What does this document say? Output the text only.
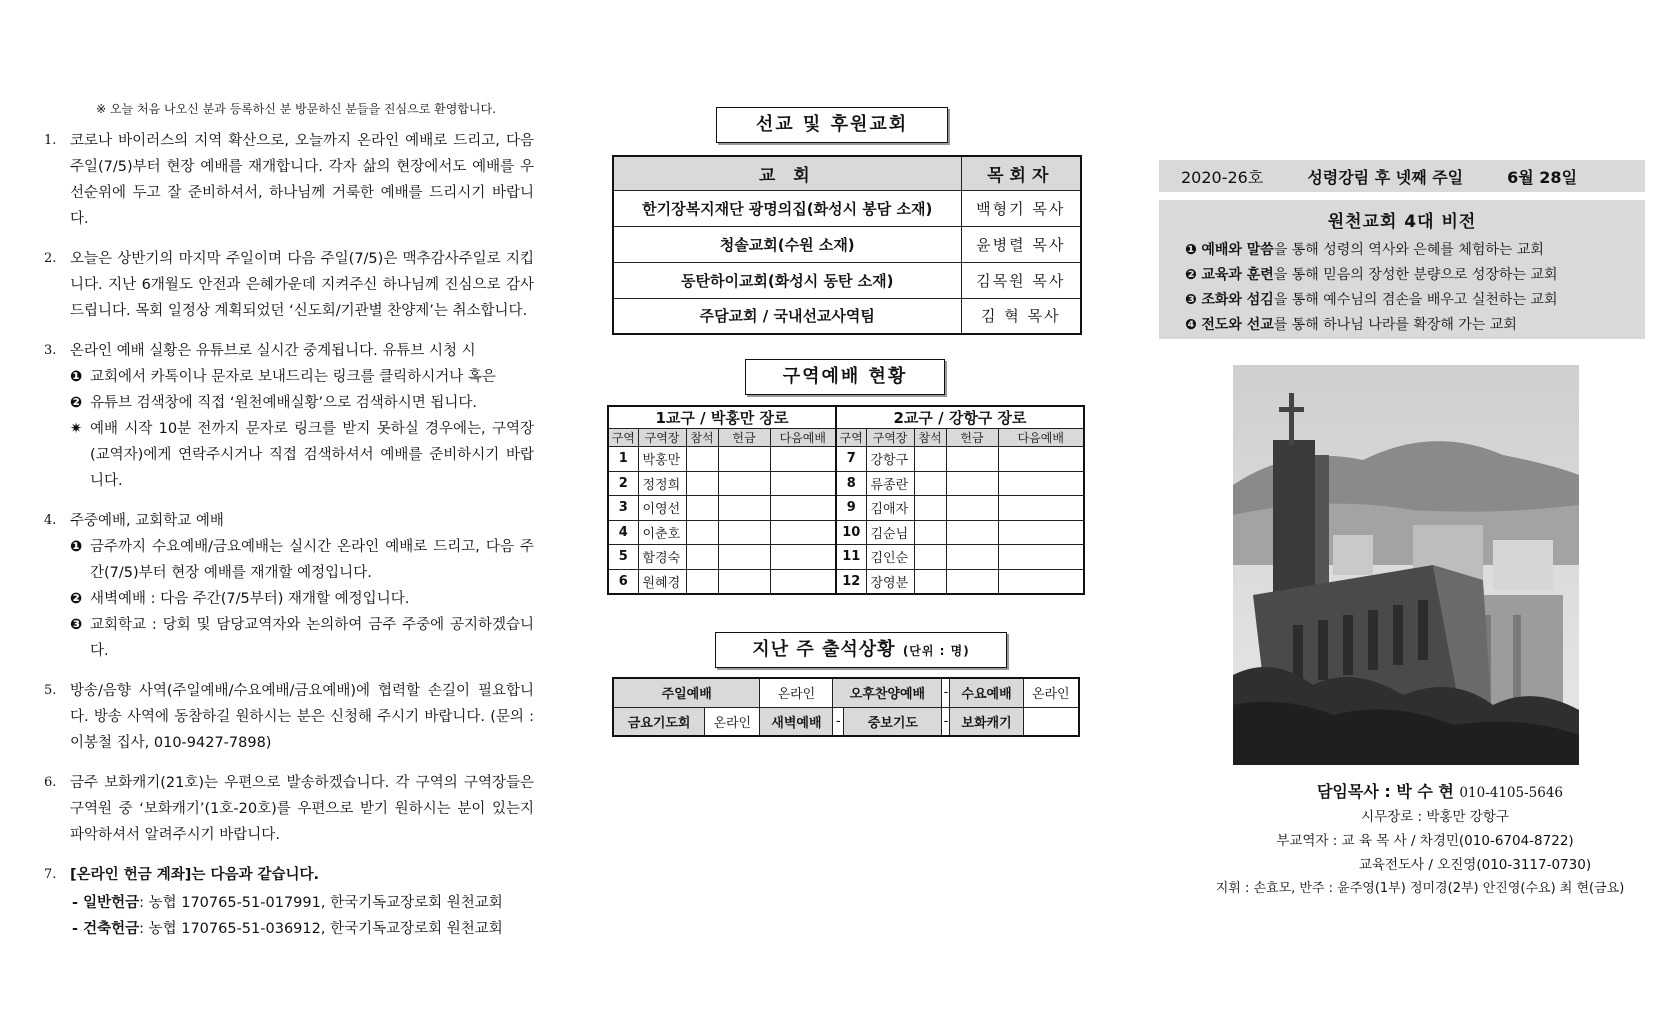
※ 오늘 처음 나오신 분과 등록하신 분 방문하신 분들을 진심으로 환영합니다.
1. 코로나 바이러스의 지역 확산으로, 오늘까지 온라인 예배로 드리고, 다음 주일(7/5)부터 현장 예배를 재개합니다. 각자 삶의 현장에서도 예배를 우선순위에 두고 잘 준비하셔서, 하나님께 거룩한 예배를 드리시기 바랍니다.
2. 오늘은 상반기의 마지막 주일이며 다음 주일(7/5)은 맥추감사주일로 지킵니다. 지난 6개월도 안전과 은혜가운데 지켜주신 하나님께 진심으로 감사 드립니다. 목회 일정상 계획되었던 ‘신도회/기관별 찬양제’는 취소합니다.
3. 온라인 예배 실황은 유튜브로 실시간 중계됩니다. 유튜브 시청 시
❶ 교회에서 카톡이나 문자로 보내드리는 링크를 클릭하시거나 혹은
❷ 유튜브 검색창에 직접 ‘원천예배실황’으로 검색하시면 됩니다.
✷ 예배 시작 10분 전까지 문자로 링크를 받지 못하실 경우에는, 구역장(교역자)에게 연락주시거나 직접 검색하셔서 예배를 준비하시기 바랍니다.
4. 주중예배, 교회학교 예배
❶ 금주까지 수요예배/금요예배는 실시간 온라인 예배로 드리고, 다음 주간(7/5)부터 현장 예배를 재개할 예정입니다.
❷ 새벽예배 : 다음 주간(7/5부터) 재개할 예정입니다.
❸ 교회학교 : 당회 및 담당교역자와 논의하여 금주 주중에 공지하겠습니다.
5. 방송/음향 사역(주일예배/수요예배/금요예배)에 협력할 손길이 필요합니다. 방송 사역에 동참하길 원하시는 분은 신청해 주시기 바랍니다. (문의 : 이봉철 집사, 010-9427-7898)
6. 금주 보화캐기(21호)는 우편으로 발송하겠습니다. 각 구역의 구역장들은 구역원 중 ‘보화캐기’(1호-20호)를 우편으로 받기 원하시는 분이 있는지 파악하셔서 알려주시기 바랍니다.
7. [온라인 헌금 계좌]는 다음과 같습니다.
- 일반헌금 : 농협 170765-51-017991, 한국기독교장로회 원천교회
- 건축헌금 : 농협 170765-51-036912, 한국기독교장로회 원천교회
선교 및 후원교회
교 회	목회자
한기장복지재단 광명의집(화성시 봉담 소재)	백형기 목사
청솔교회(수원 소재)	윤병렬 목사
동탄하이교회(화성시 동탄 소재)	김목원 목사
주담교회 / 국내선교사역팀	김 혁 목사
구역예배 현황
1교구 / 박홍만 장로					2교구 / 강항구 장로				
구역	구역장	참석	헌금	다음예배	구역	구역장	참석	헌금	다음예배
1	박홍만				7	강항구			
2	정정희				8	류종란			
3	이영선				9	김애자			
4	이춘호				10	김순님			
5	함경숙				11	김인순			
6	원혜경				12	장영분			
지난 주 출석상황 (단위 : 명)
주일예배		온라인	오후찬양예배		-	수요예배	온라인
금요기도회	온라인	새벽예배	-	중보기도	-	보화캐기	
2020-26호	성령강림 후 넷째 주일	6월 28일
원천교회 4대 비전
❶ 예배와 말씀을 통해 성령의 역사와 은혜를 체험하는 교회
❷ 교육과 훈련을 통해 믿음의 장성한 분량으로 성장하는 교회
❸ 조화와 섬김을 통해 예수님의 겸손을 배우고 실천하는 교회
❹ 전도와 선교를 통해 하나님 나라를 확장해 가는 교회
담임목사 : 박 수 현 010-4105-5646
시무장로 : 박홍만 강항구
부교역자 : 교 육 목 사 / 차경민(010-6704-8722)
교육전도사 / 오진영(010-3117-0730)
지휘 : 손효모, 반주 : 윤주영(1부) 정미경(2부) 안진영(수요) 최 현(금요)
